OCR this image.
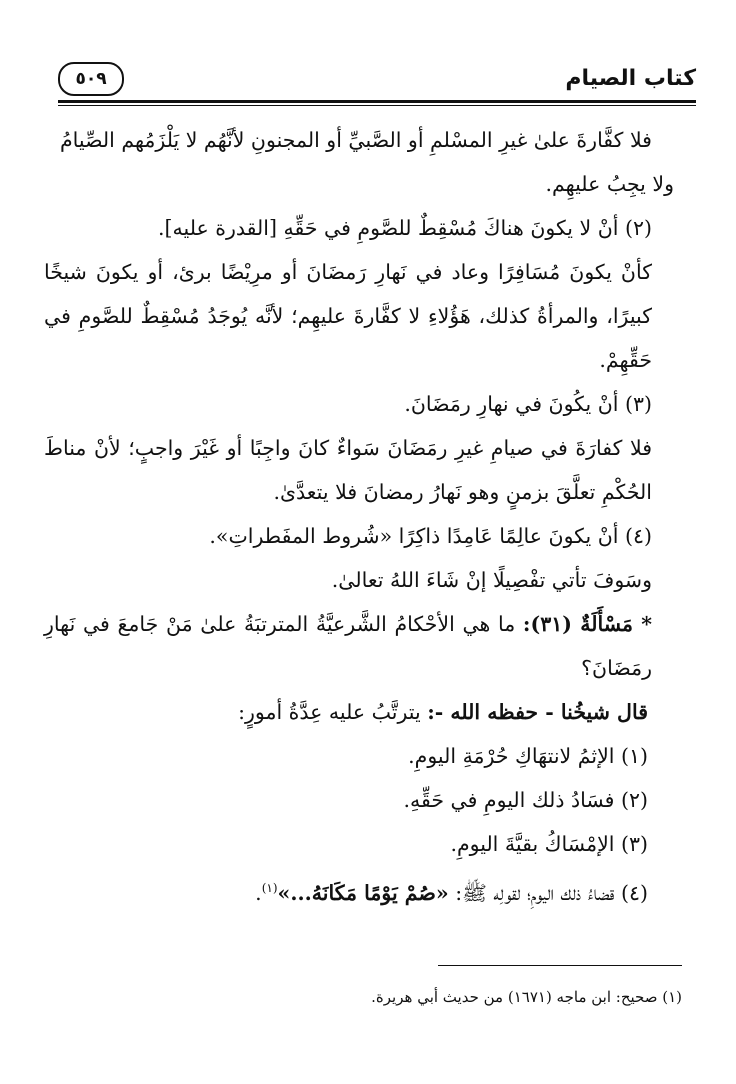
كتاب الصيام
٥٠٩

فلا كفَّارةَ علىٰ غيرِ المسْلمِ أو الصَّبيِّ أو المجنونِ لأنَّهُم لا يَلْزَمُهم الصِّيامُ

ولا يجِبُ عليهِم.

(٢) أنْ لا يكونَ هناكَ مُسْقِطٌ للصَّومِ في حَقِّهِ [القدرة عليه].

كأنْ يكونَ مُسَافِرًا وعاد في نَهارِ رَمضَانَ أو مرِيْضًا برئ، أو يكونَ شيخًا كبيرًا، والمرأةُ كذلك، هَؤُلاءِ لا كفَّارةَ عليهِم؛ لأنَّه يُوجَدُ مُسْقِطٌ للصَّومِ في حَقِّهِمْ.

(٣) أنْ يكُونَ في نهارِ رمَضَانَ.

فلا كفارَةَ في صيامِ غيرِ رمَضَانَ سَواءٌ كانَ واجِبًا أو غَيْرَ واجبٍ؛ لأنْ مناطَ الحُكْمِ تعلَّقَ بزمنٍ وهو نَهارُ رمضانَ فلا يتعدَّىٰ.

(٤) أنْ يكونَ عالِمًا عَامِدًا ذاكِرًا «شُروط المفَطراتِ».

وسَوفَ تأتي تفْصِيلًا إنْ شَاءَ اللهُ تعالىٰ.

* مَسْأَلَةٌ (٣١): ما هي الأحْكامُ الشَّرعيَّةُ المترتبَةُ علىٰ مَنْ جَامعَ في نَهارِ رمَضَانَ؟

قال شيخُنا - حفظه الله -: يترتَّبُ عليه عِدَّةُ أمورٍ:

(١) الإثمُ لانتهَاكِ حُرْمَةِ اليومِ.

(٢) فسَادُ ذلك اليومِ في حَقِّهِ.

(٣) الإمْسَاكُ بقيَّةَ اليومِ.

(٤) قضاءُ ذلك اليومِ؛ لقولِه ﷺ: «صُمْ يَوْمًا مَكَانَهُ...»$^{(١)}$.

(١) صحيح: ابن ماجه (١٦٧١) من حديث أبي هريرة.
